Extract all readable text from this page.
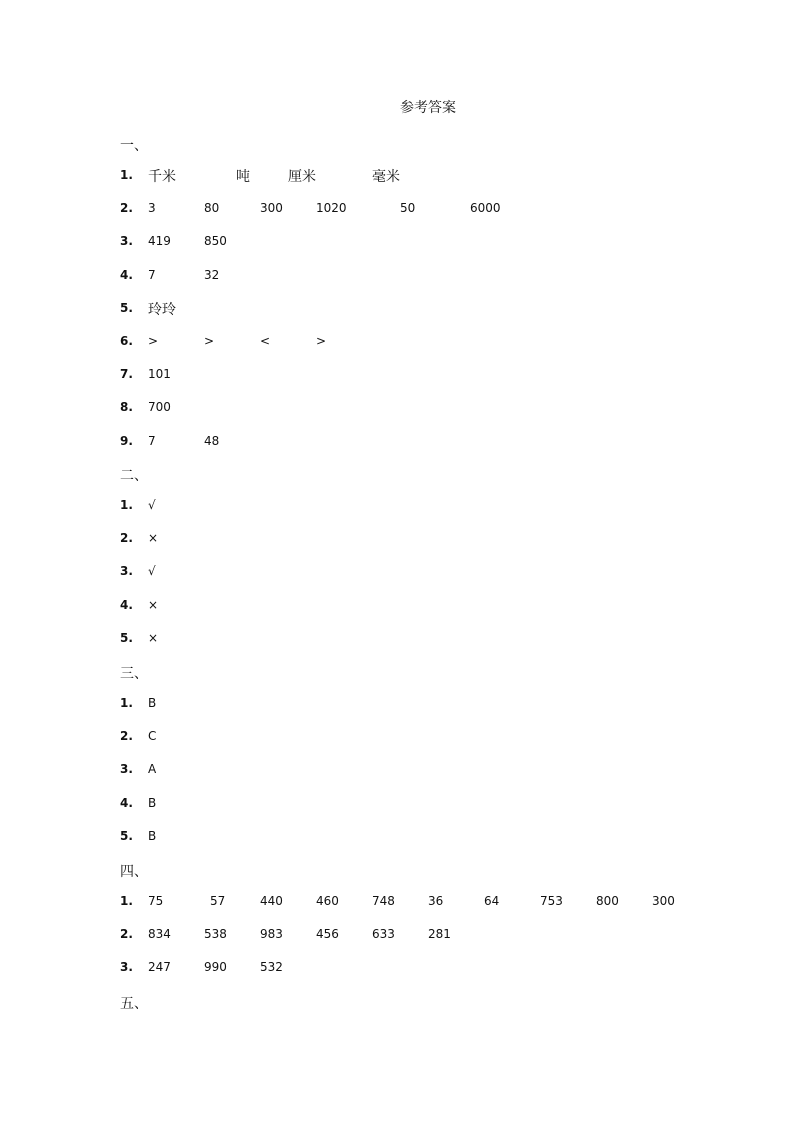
参考答案
一、
1. 千米	吨	厘米	毫米
2. 3	80	300	1020	50	6000
3. 419	850
4. 7	32
5. 玲玲
6. >	>	<	>
7. 101
8. 700
9. 7	48
二、
1. √
2. ×
3. √
4. ×
5. ×
三、
1. B
2. C
3. A
4. B
5. B
四、
1. 75	57	440	460	748	36	64	753	800	300
2. 834	538	983	456	633	281
3. 247	990	532
五、
